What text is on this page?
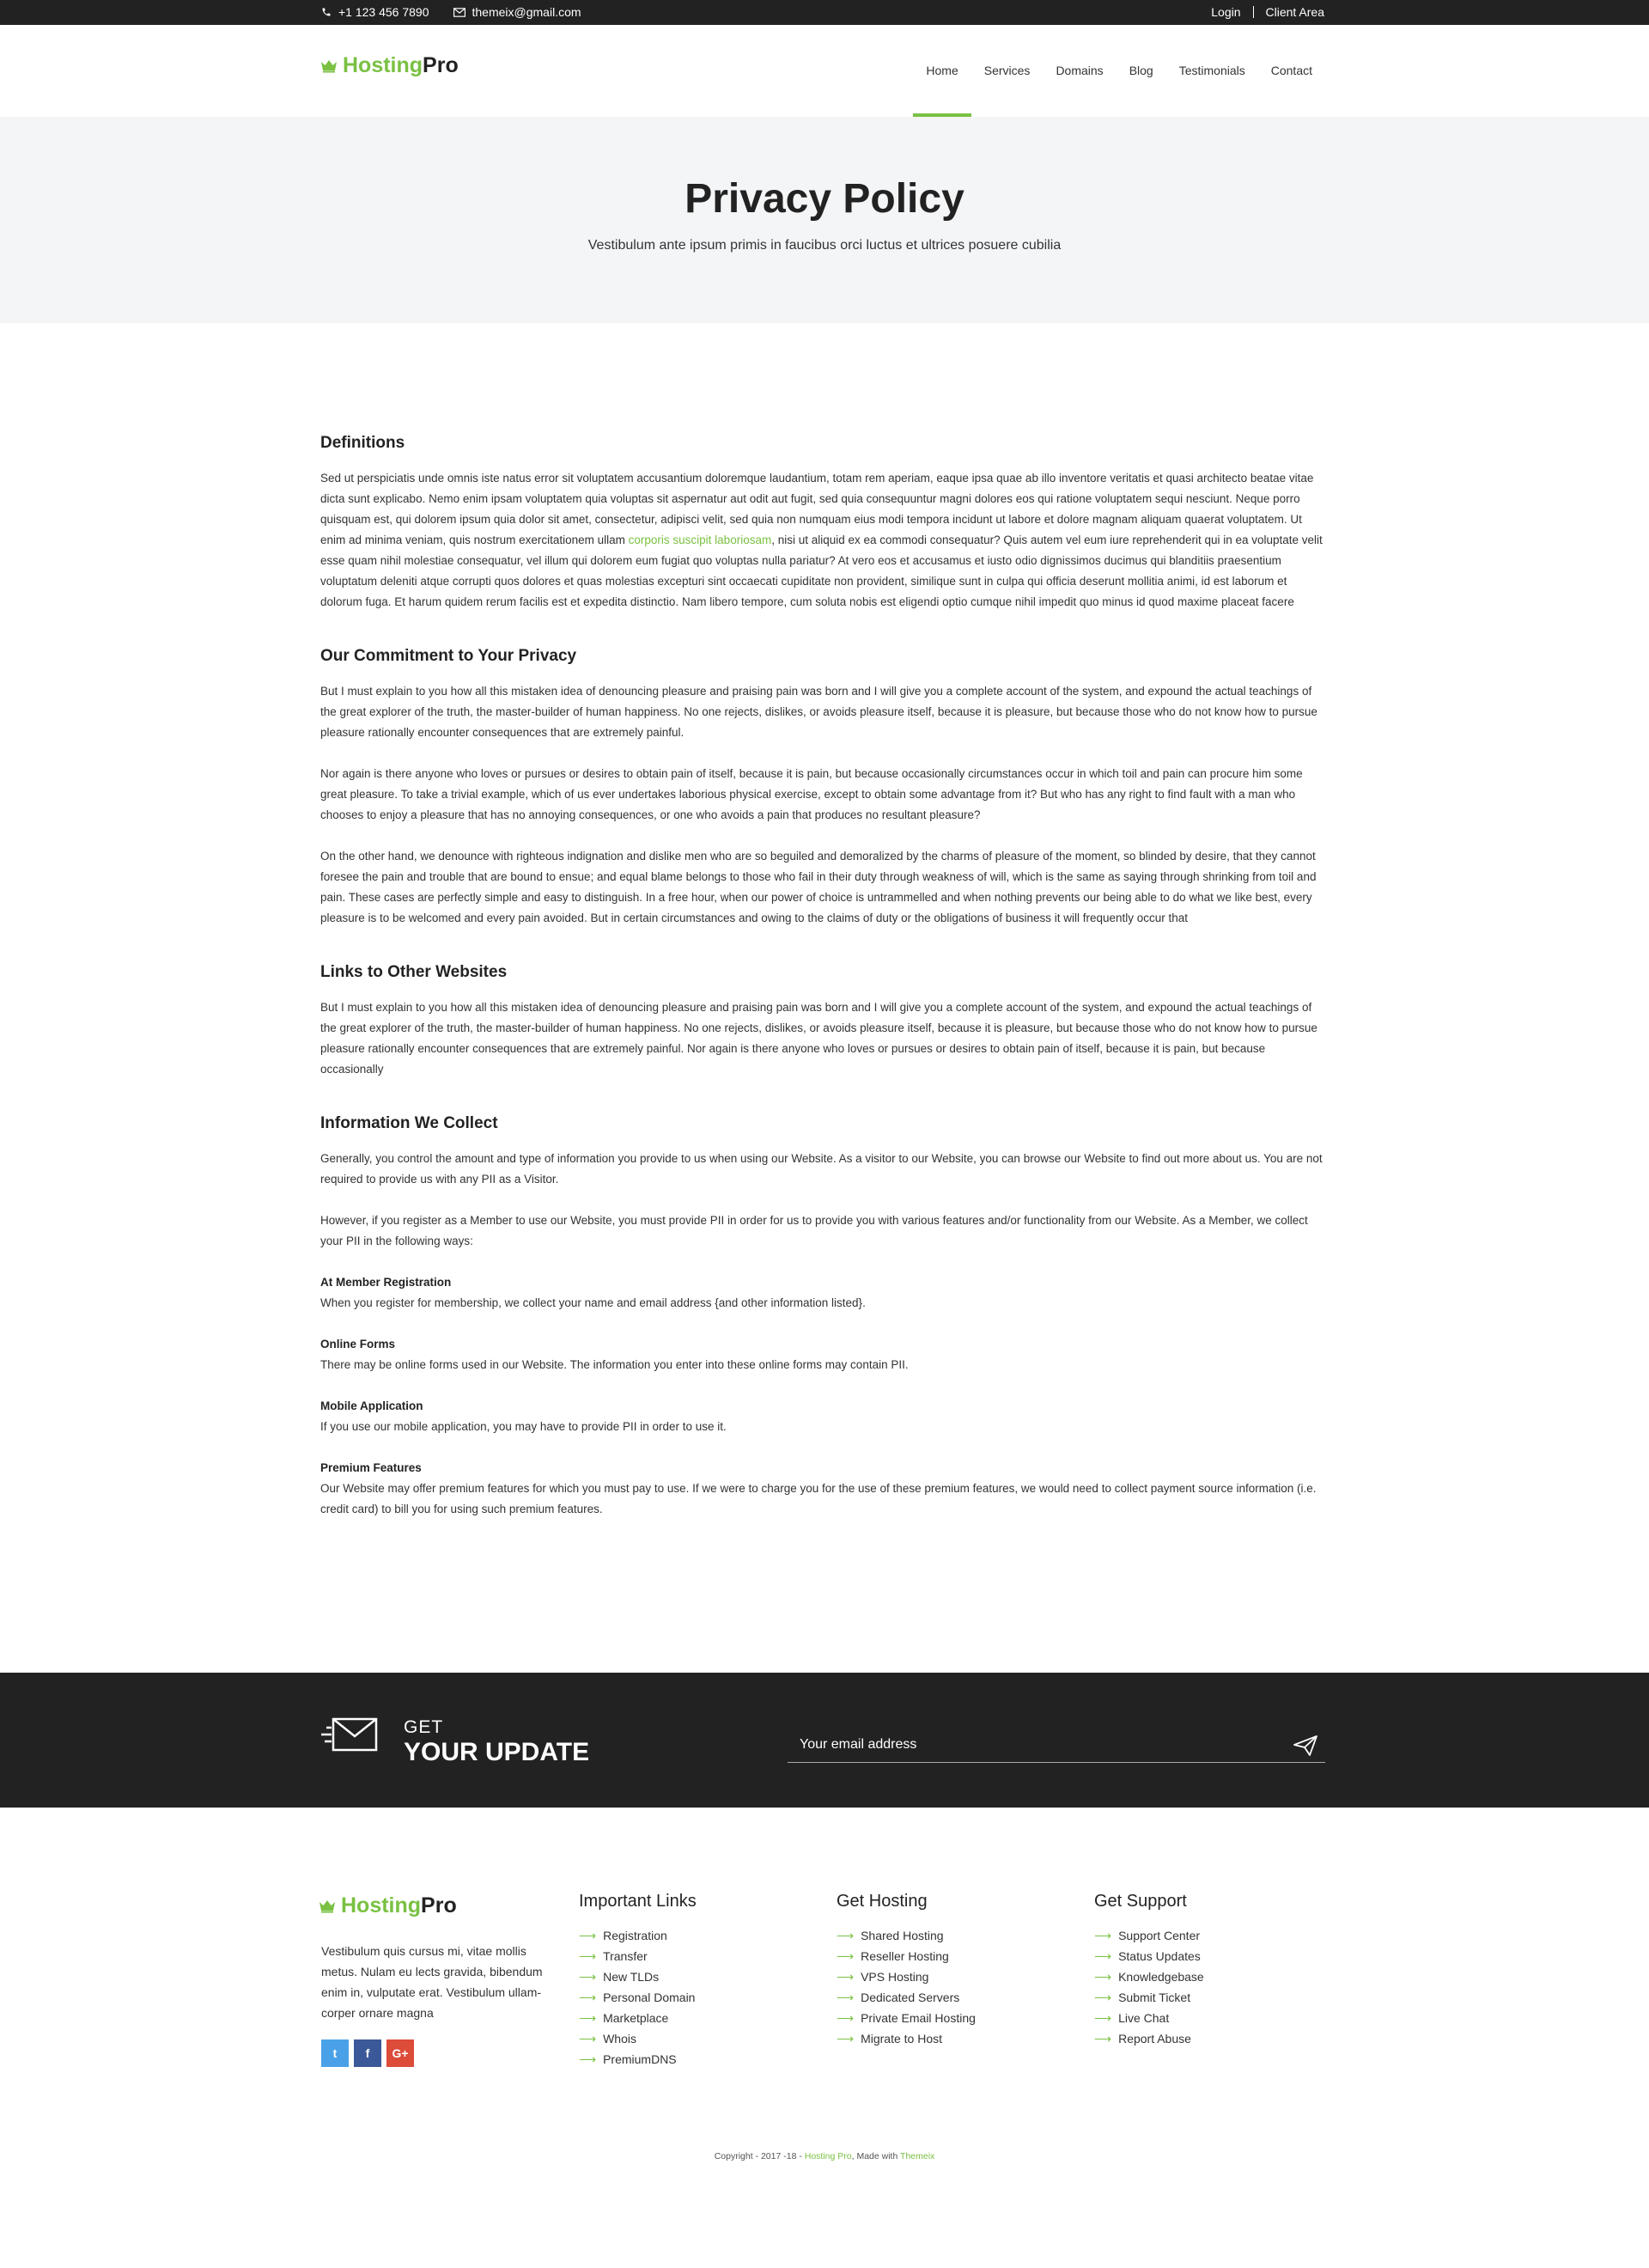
+1 123 456 7890	themeix@gmail.com	Login Client Area
HostingPro	Home	Services	Domains	Blog	Testimonials	Contact
Privacy Policy

Vestibulum ante ipsum primis in faucibus orci luctus et ultrices posuere cubilia

Definitions

Sed ut perspiciatis unde omnis iste natus error sit voluptatem accusantium doloremque laudantium, totam rem aperiam, eaque ipsa quae ab illo inventore veritatis et quasi architecto beatae vitae dicta sunt explicabo. Nemo enim ipsam voluptatem quia voluptas sit aspernatur aut odit aut fugit, sed quia consequuntur magni dolores eos qui ratione voluptatem sequi nesciunt. Neque porro quisquam est, qui dolorem ipsum quia dolor sit amet, consectetur, adipisci velit, sed quia non numquam eius modi tempora incidunt ut labore et dolore magnam aliquam quaerat voluptatem. Ut enim ad minima veniam, quis nostrum exercitationem ullam corporis suscipit laboriosam, nisi ut aliquid ex ea commodi consequatur? Quis autem vel eum iure reprehenderit qui in ea voluptate velit esse quam nihil molestiae consequatur, vel illum qui dolorem eum fugiat quo voluptas nulla pariatur? At vero eos et accusamus et iusto odio dignissimos ducimus qui blanditiis praesentium voluptatum deleniti atque corrupti quos dolores et quas molestias excepturi sint occaecati cupiditate non provident, similique sunt in culpa qui officia deserunt mollitia animi, id est laborum et dolorum fuga. Et harum quidem rerum facilis est et expedita distinctio. Nam libero tempore, cum soluta nobis est eligendi optio cumque nihil impedit quo minus id quod maxime placeat facere

Our Commitment to Your Privacy

But I must explain to you how all this mistaken idea of denouncing pleasure and praising pain was born and I will give you a complete account of the system, and expound the actual teachings of the great explorer of the truth, the master-builder of human happiness. No one rejects, dislikes, or avoids pleasure itself, because it is pleasure, but because those who do not know how to pursue pleasure rationally encounter consequences that are extremely painful.

Nor again is there anyone who loves or pursues or desires to obtain pain of itself, because it is pain, but because occasionally circumstances occur in which toil and pain can procure him some great pleasure. To take a trivial example, which of us ever undertakes laborious physical exercise, except to obtain some advantage from it? But who has any right to find fault with a man who chooses to enjoy a pleasure that has no annoying consequences, or one who avoids a pain that produces no resultant pleasure?

On the other hand, we denounce with righteous indignation and dislike men who are so beguiled and demoralized by the charms of pleasure of the moment, so blinded by desire, that they cannot foresee the pain and trouble that are bound to ensue; and equal blame belongs to those who fail in their duty through weakness of will, which is the same as saying through shrinking from toil and pain. These cases are perfectly simple and easy to distinguish. In a free hour, when our power of choice is untrammelled and when nothing prevents our being able to do what we like best, every pleasure is to be welcomed and every pain avoided. But in certain circumstances and owing to the claims of duty or the obligations of business it will frequently occur that

Links to Other Websites

But I must explain to you how all this mistaken idea of denouncing pleasure and praising pain was born and I will give you a complete account of the system, and expound the actual teachings of the great explorer of the truth, the master-builder of human happiness. No one rejects, dislikes, or avoids pleasure itself, because it is pleasure, but because those who do not know how to pursue pleasure rationally encounter consequences that are extremely painful. Nor again is there anyone who loves or pursues or desires to obtain pain of itself, because it is pain, but because occasionally

Information We Collect

Generally, you control the amount and type of information you provide to us when using our Website. As a visitor to our Website, you can browse our Website to find out more about us. You are not required to provide us with any PII as a Visitor.

However, if you register as a Member to use our Website, you must provide PII in order for us to provide you with various features and/or functionality from our Website. As a Member, we collect your PII in the following ways:

At Member Registration

When you register for membership, we collect your name and email address {and other information listed}.

Online Forms

There may be online forms used in our Website. The information you enter into these online forms may contain PII.

Mobile Application

If you use our mobile application, you may have to provide PII in order to use it.

Premium Features

Our Website may offer premium features for which you must pay to use. If we were to charge you for the use of these premium features, we would need to collect payment source information (i.e. credit card) to bill you for using such premium features.

GET
YOUR UPDATE
Your email address
HostingPro

Vestibulum quis cursus mi, vitae mollis metus. Nulam eu lects gravida, bibendum enim in, vulputate erat. Vestibulum ullam-corper ornare magna

t	f	G+
Important Links
⟶ Registration
⟶ Transfer
⟶ New TLDs
⟶ Personal Domain
⟶ Marketplace
⟶ Whois
⟶ PremiumDNS
Get Hosting
⟶ Shared Hosting
⟶ Reseller Hosting
⟶ VPS Hosting
⟶ Dedicated Servers
⟶ Private Email Hosting
⟶ Migrate to Host
Get Support
⟶ Support Center
⟶ Status Updates
⟶ Knowledgebase
⟶ Submit Ticket
⟶ Live Chat
⟶ Report Abuse
Copyright - 2017 -18 - Hosting Pro, Made with Themeix
